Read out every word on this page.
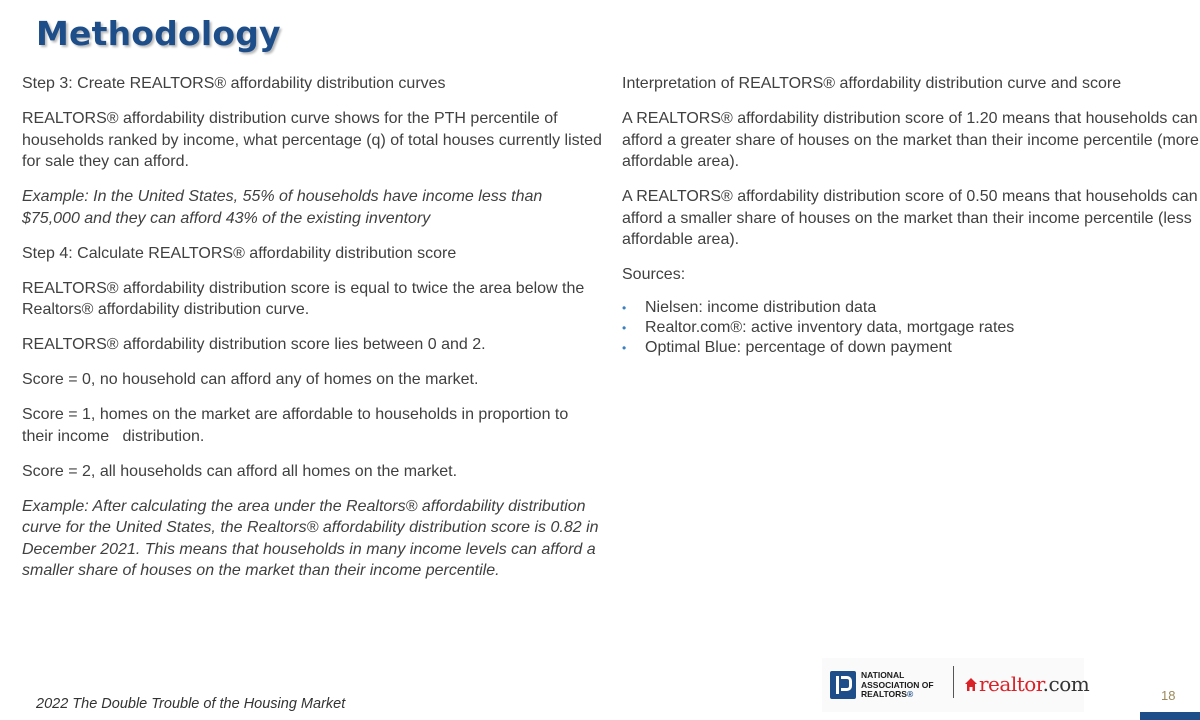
Methodology

Step 3: Create REALTORS® affordability distribution curves

REALTORS® affordability distribution curve shows for the PTH percentile of households ranked by income, what percentage (q) of total houses currently listed for sale they can afford.

Example: In the United States, 55% of households have income less than $75,000 and they can afford 43% of the existing inventory

Step 4: Calculate REALTORS® affordability distribution score

REALTORS® affordability distribution score is equal to twice the area below the Realtors® affordability distribution curve.

REALTORS® affordability distribution score lies between 0 and 2.

Score = 0, no household can afford any of homes on the market.

Score = 1, homes on the market are affordable to households in proportion to their income   distribution.

Score = 2, all households can afford all homes on the market.

Example: After calculating the area under the Realtors® affordability distribution curve for the United States, the Realtors® affordability distribution score is 0.82 in December 2021. This means that households in many income levels can afford a smaller share of houses on the market than their income percentile.

Interpretation of REALTORS® affordability distribution curve and score

A REALTORS® affordability distribution score of 1.20 means that households can afford a greater share of houses on the market than their income percentile (more affordable area).

A REALTORS® affordability distribution score of 0.50 means that households can afford a smaller share of houses on the market than their income percentile (less affordable area).

Sources:

• Nielsen: income distribution data
• Realtor.com®: active inventory data, mortgage rates
• Optimal Blue: percentage of down payment
2022 The Double Trouble of the Housing Market
NATIONAL
ASSOCIATION OF
REALTORS®	realtor.com	18
